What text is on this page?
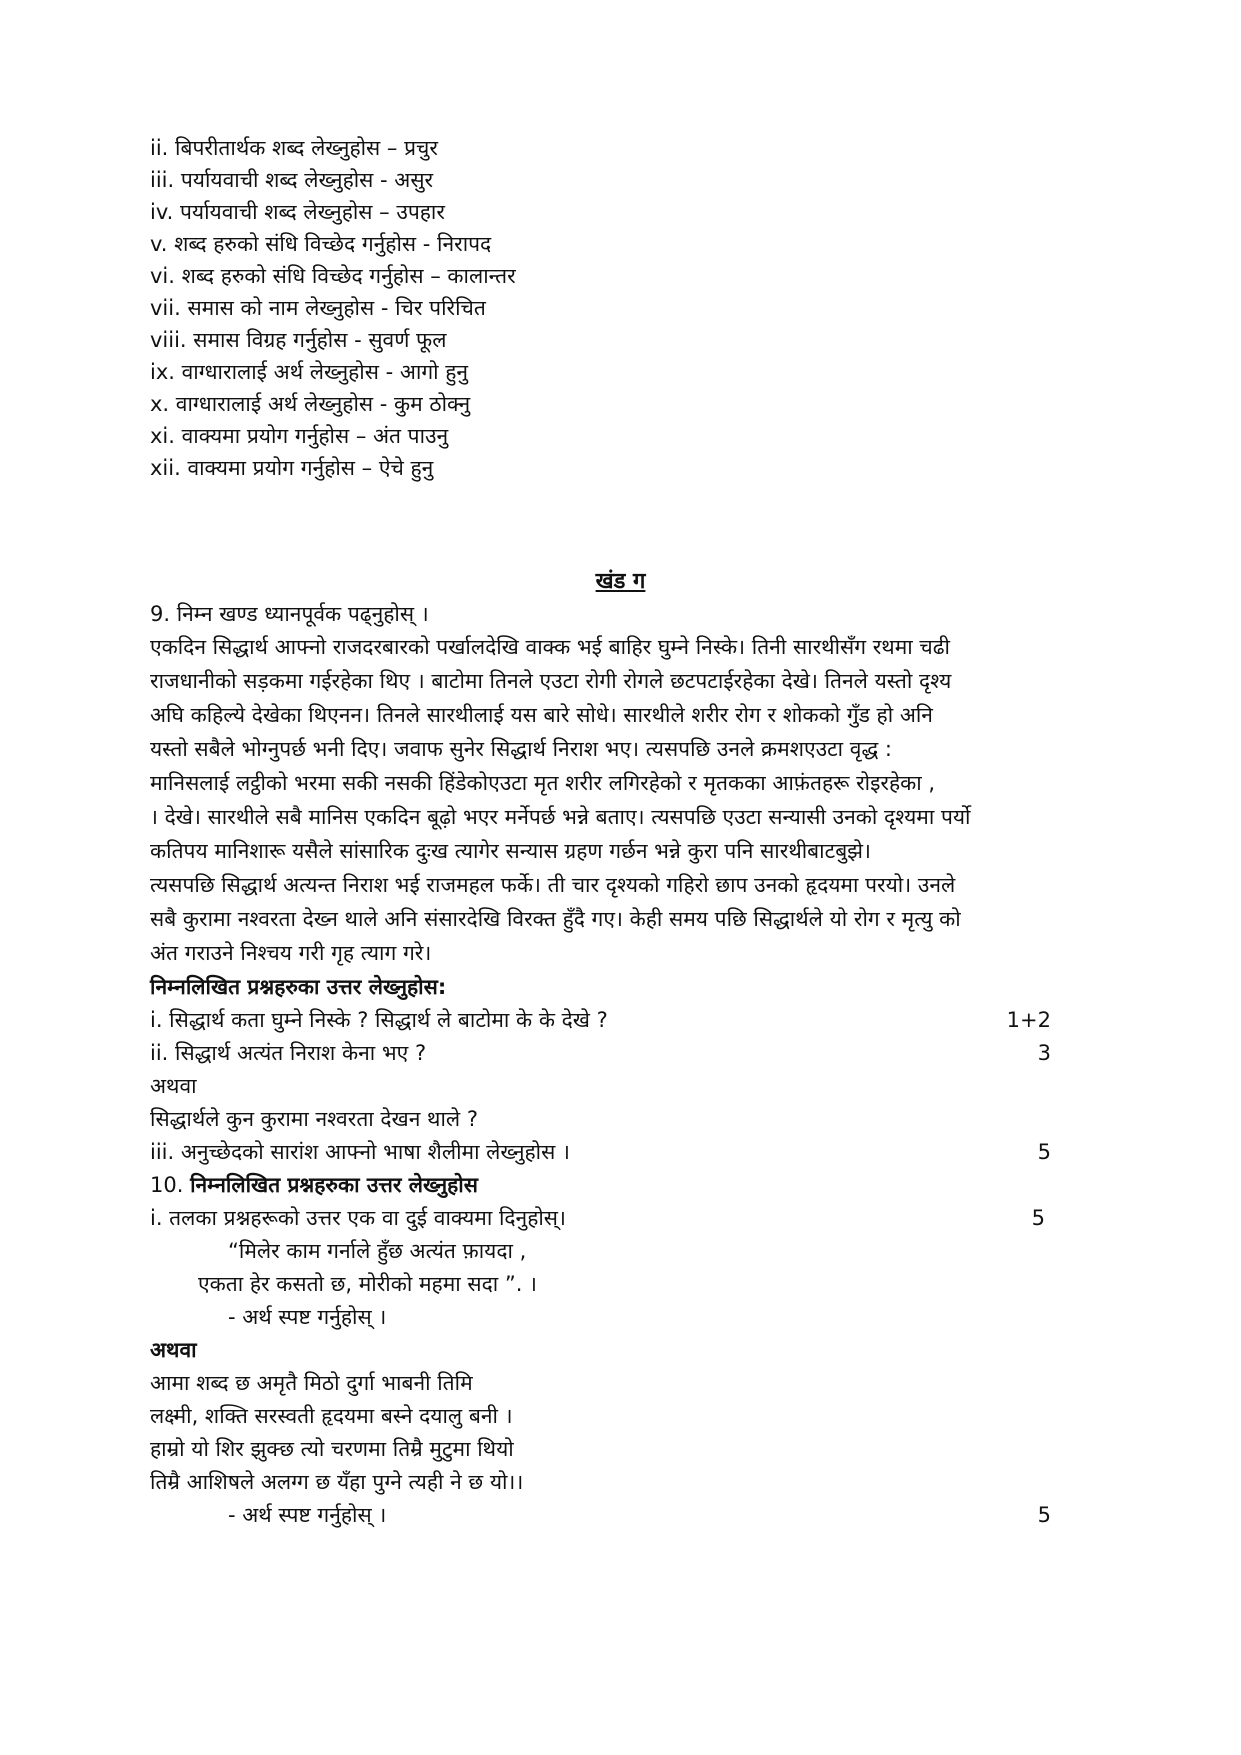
ii. बिपरीतार्थक शब्द लेख्नुहोस – प्रचुर
iii. पर्यायवाची शब्द लेख्नुहोस - असुर
iv. पर्यायवाची शब्द लेख्नुहोस – उपहार
v. शब्द हरुको संधि विच्छेद गर्नुहोस - निरापद
vi. शब्द हरुको संधि विच्छेद गर्नुहोस – कालान्तर
vii. समास को नाम लेख्नुहोस - चिर परिचित
viii. समास विग्रह गर्नुहोस - सुवर्ण फूल
ix. वाग्धारालाई अर्थ लेख्नुहोस - आगो हुनु
x. वाग्धारालाई अर्थ लेख्नुहोस - कुम ठोक्नु
xi. वाक्यमा प्रयोग गर्नुहोस – अंत पाउनु
xii. वाक्यमा प्रयोग गर्नुहोस – ऐचे हुनु
खंड ग
9. निम्न खण्ड ध्यानपूर्वक पढ्नुहोस् ।
एकदिन सिद्धार्थ आफ्नो राजदरबारको पर्खालदेखि वाक्क भई बाहिर घुम्ने निस्के। तिनी सारथीसँग रथमा चढी
राजधानीको सड़कमा गईरहेका थिए । बाटोमा तिनले एउटा रोगी रोगले छटपटाईरहेका देखे। तिनले यस्तो दृश्य
अघि कहिल्ये देखेका थिएनन। तिनले सारथीलाई यस बारे सोधे। सारथीले शरीर रोग र शोकको गुँड हो अनि
यस्तो सबैले भोग्नुपर्छ भनी दिए। जवाफ सुनेर सिद्धार्थ निराश भए। त्यसपछि उनले क्रमशएउटा वृद्ध :
मानिसलाई लट्ठीको भरमा सकी नसकी हिंडेकोएउटा मृत शरीर लगिरहेको र मृतकका आफ़ंतहरू रोइरहेका ,
। देखे। सारथीले सबै मानिस एकदिन बूढ़ो भएर मर्नेपर्छ भन्ने बताए। त्यसपछि एउटा सन्यासी उनको दृश्यमा पर्यो
कतिपय मानिशारू यसैले सांसारिक दुःख त्यागेर सन्यास ग्रहण गर्छन भन्ने कुरा पनि सारथीबाटबुझे।
त्यसपछि सिद्धार्थ अत्यन्त निराश भई राजमहल फर्के। ती चार दृश्यको गहिरो छाप उनको हृदयमा परयो। उनले
सबै कुरामा नश्वरता देख्न थाले अनि संसारदेखि विरक्त हुँदै गए। केही समय पछि सिद्धार्थले यो रोग र मृत्यु को
अंत गराउने निश्चय गरी गृह त्याग गरे।
निम्नलिखित प्रश्नहरुका उत्तर लेख्नुहोस:
i. सिद्धार्थ कता घुम्ने निस्के ? सिद्धार्थ ले बाटोमा के के देखे ?	1+2
ii. सिद्धार्थ अत्यंत निराश केना भए ?	3
अथवा
सिद्धार्थले कुन कुरामा नश्वरता देखन थाले ?
iii. अनुच्छेदको सारांश आफ्नो भाषा शैलीमा लेख्नुहोस ।	5
10. निम्नलिखित प्रश्नहरुका उत्तर लेख्नुहोस
i. तलका प्रश्नहरूको उत्तर एक वा दुई वाक्यमा दिनुहोस्।	5
“मिलेर काम गर्नाले हुँछ अत्यंत फ़ायदा ,
एकता हेर कसतो छ, मोरीको महमा सदा ”. ।
- अर्थ स्पष्ट गर्नुहोस् ।
अथवा
आमा शब्द छ अमृतै मिठो दुर्गा भाबनी तिमि
लक्ष्मी, शक्ति सरस्वती हृदयमा बस्ने दयालु बनी ।
हाम्रो यो शिर झुक्छ त्यो चरणमा तिम्रै मुटुमा थियो
तिम्रै आशिषले अलग्ग छ यँहा पुग्ने त्यही ने छ यो।।
- अर्थ स्पष्ट गर्नुहोस् ।	5
